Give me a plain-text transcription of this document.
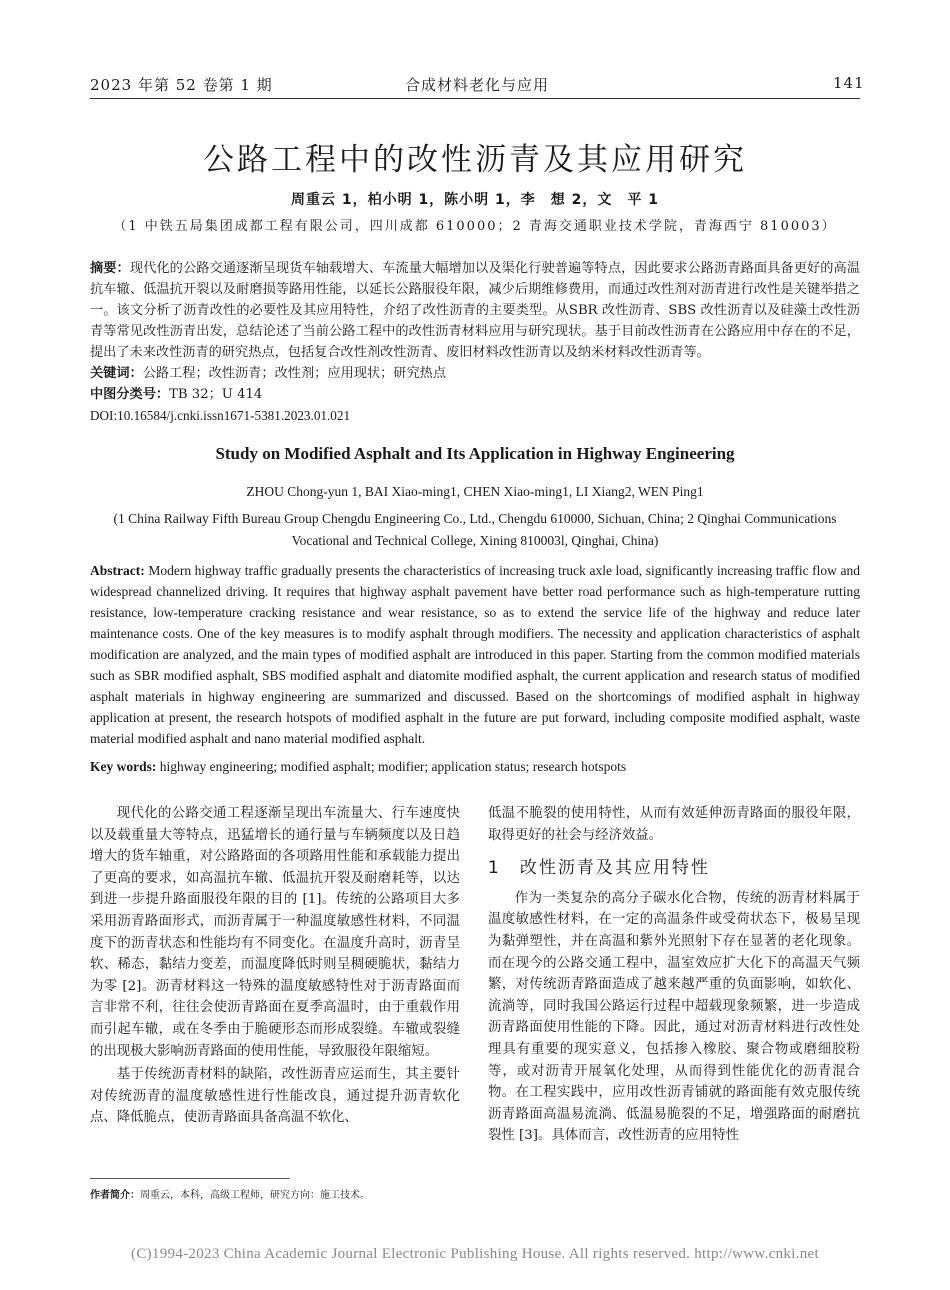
2023 年第 52 卷第 1 期	合成材料老化与应用	141
公路工程中的改性沥青及其应用研究
周重云 1，柏小明 1，陈小明 1，李　想 2，文　平 1
（1 中铁五局集团成都工程有限公司，四川成都 610000；2 青海交通职业技术学院，青海西宁 810003）
摘要：现代化的公路交通逐渐呈现货车轴载增大、车流量大幅增加以及渠化行驶普遍等特点，因此要求公路沥青路面具备更好的高温抗车辙、低温抗开裂以及耐磨损等路用性能，以延长公路服役年限，减少后期维修费用，而通过改性剂对沥青进行改性是关键举措之一。该文分析了沥青改性的必要性及其应用特性，介绍了改性沥青的主要类型。从SBR 改性沥青、SBS 改性沥青以及硅藻土改性沥青等常见改性沥青出发，总结论述了当前公路工程中的改性沥青材料应用与研究现状。基于目前改性沥青在公路应用中存在的不足，提出了未来改性沥青的研究热点，包括复合改性剂改性沥青、废旧材料改性沥青以及纳米材料改性沥青等。
关键词：公路工程；改性沥青；改性剂；应用现状；研究热点
中图分类号：TB 32；U 414
DOI:10.16584/j.cnki.issn1671-5381.2023.01.021
Study on Modified Asphalt and Its Application in Highway Engineering
ZHOU Chong-yun 1, BAI Xiao-ming1, CHEN Xiao-ming1, LI Xiang2, WEN Ping1
(1 China Railway Fifth Bureau Group Chengdu Engineering Co., Ltd., Chengdu 610000, Sichuan, China; 2 Qinghai Communications Vocational and Technical College, Xining 810003l, Qinghai, China)
Abstract: Modern highway traffic gradually presents the characteristics of increasing truck axle load, significantly increasing traffic flow and widespread channelized driving. It requires that highway asphalt pavement have better road performance such as high-temperature rutting resistance, low-temperature cracking resistance and wear resistance, so as to extend the service life of the highway and reduce later maintenance costs. One of the key measures is to modify asphalt through modifiers. The necessity and application characteristics of asphalt modification are analyzed, and the main types of modified asphalt are introduced in this paper. Starting from the common modified materials such as SBR modified asphalt, SBS modified asphalt and diatomite modified asphalt, the current application and research status of modified asphalt materials in highway engineering are summarized and discussed. Based on the shortcomings of modified asphalt in highway application at present, the research hotspots of modified asphalt in the future are put forward, including composite modified asphalt, waste material modified asphalt and nano material modified asphalt.
Key words: highway engineering; modified asphalt; modifier; application status; research hotspots

现代化的公路交通工程逐渐呈现出车流量大、行车速度快以及载重量大等特点，迅猛增长的通行量与车辆频度以及日趋增大的货车轴重，对公路路面的各项路用性能和承载能力提出了更高的要求，如高温抗车辙、低温抗开裂及耐磨耗等，以达到进一步提升路面服役年限的目的 [1]。传统的公路项目大多采用沥青路面形式，而沥青属于一种温度敏感性材料，不同温度下的沥青状态和性能均有不同变化。在温度升高时，沥青呈软、稀态，黏结力变差，而温度降低时则呈稠硬脆状，黏结力为零 [2]。沥青材料这一特殊的温度敏感特性对于沥青路面而言非常不利，往往会使沥青路面在夏季高温时，由于重载作用而引起车辙，或在冬季由于脆硬形态而形成裂缝。车辙或裂缝的出现极大影响沥青路面的使用性能，导致服役年限缩短。

基于传统沥青材料的缺陷，改性沥青应运而生，其主要针对传统沥青的温度敏感性进行性能改良，通过提升沥青软化点、降低脆点，使沥青路面具备高温不软化、

低温不脆裂的使用特性，从而有效延伸沥青路面的服役年限，取得更好的社会与经济效益。

1　改性沥青及其应用特性

作为一类复杂的高分子碳水化合物，传统的沥青材料属于温度敏感性材料，在一定的高温条件或受荷状态下，极易呈现为黏弹塑性，并在高温和紫外光照射下存在显著的老化现象。而在现今的公路交通工程中，温室效应扩大化下的高温天气频繁，对传统沥青路面造成了越来越严重的负面影响，如软化、流淌等，同时我国公路运行过程中超载现象频繁，进一步造成沥青路面使用性能的下降。因此，通过对沥青材料进行改性处理具有重要的现实意义，包括掺入橡胶、聚合物或磨细胶粉等，或对沥青开展氧化处理，从而得到性能优化的沥青混合物。在工程实践中，应用改性沥青铺就的路面能有效克服传统沥青路面高温易流淌、低温易脆裂的不足，增强路面的耐磨抗裂性 [3]。具体而言，改性沥青的应用特性

作者简介：周重云，本科，高级工程师，研究方向：施工技术。
(C)1994-2023 China Academic Journal Electronic Publishing House. All rights reserved. http://www.cnki.net
